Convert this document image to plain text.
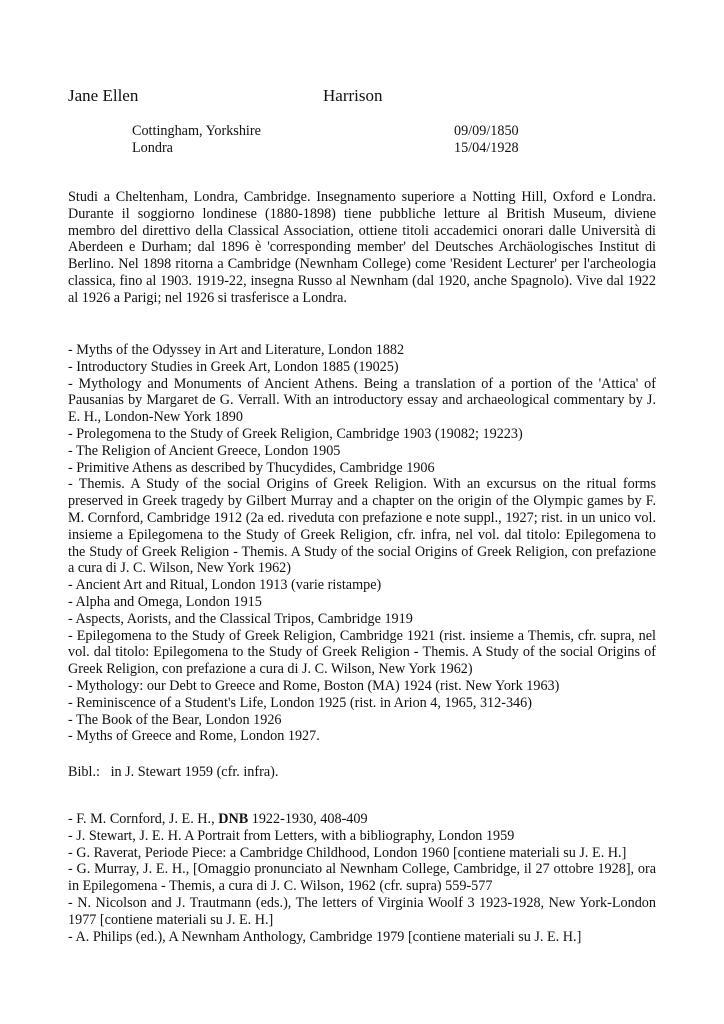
Jane Ellen	Harrison
Cottingham, Yorkshire	09/09/1850
Londra	15/04/1928
Studi a Cheltenham, Londra, Cambridge. Insegnamento superiore a Notting Hill, Oxford e Londra. Durante il soggiorno londinese (1880-1898) tiene pubbliche letture al British Museum, diviene membro del direttivo della Classical Association, ottiene titoli accademici onorari dalle Università di Aberdeen e Durham; dal 1896 è 'corresponding member' del Deutsches Archäologisches Institut di Berlino. Nel 1898 ritorna a Cambridge (Newnham College) come 'Resident Lecturer' per l'archeologia classica, fino al 1903. 1919-22, insegna Russo al Newnham (dal 1920, anche Spagnolo). Vive dal 1922 al 1926 a Parigi; nel 1926 si trasferisce a Londra.
- Myths of the Odyssey in Art and Literature, London 1882
- Introductory Studies in Greek Art, London 1885 (19025)
- Mythology and Monuments of Ancient Athens. Being a translation of a portion of the 'Attica' of Pausanias by Margaret de G. Verrall. With an introductory essay and archaeological commentary by J. E. H., London-New York 1890
- Prolegomena to the Study of Greek Religion, Cambridge 1903 (19082; 19223)
- The Religion of Ancient Greece, London 1905
- Primitive Athens as described by Thucydides, Cambridge 1906
- Themis. A Study of the social Origins of Greek Religion. With an excursus on the ritual forms preserved in Greek tragedy by Gilbert Murray and a chapter on the origin of the Olympic games by F. M. Cornford, Cambridge 1912 (2a ed. riveduta con prefazione e note suppl., 1927; rist. in un unico vol. insieme a Epilegomena to the Study of Greek Religion, cfr. infra, nel vol. dal titolo: Epilegomena to the Study of Greek Religion - Themis. A Study of the social Origins of Greek Religion, con prefazione a cura di J. C. Wilson, New York 1962)
- Ancient Art and Ritual, London 1913 (varie ristampe)
- Alpha and Omega, London 1915
- Aspects, Aorists, and the Classical Tripos, Cambridge 1919
- Epilegomena to the Study of Greek Religion, Cambridge 1921 (rist. insieme a Themis, cfr. supra, nel vol. dal titolo: Epilegomena to the Study of Greek Religion - Themis. A Study of the social Origins of Greek Religion, con prefazione a cura di J. C. Wilson, New York 1962)
- Mythology: our Debt to Greece and Rome, Boston (MA) 1924 (rist. New York 1963)
- Reminiscence of a Student's Life, London 1925 (rist. in Arion 4, 1965, 312-346)
- The Book of the Bear, London 1926
- Myths of Greece and Rome, London 1927.
Bibl.:   in J. Stewart 1959 (cfr. infra).
- F. M. Cornford, J. E. H., DNB 1922-1930, 408-409
- J. Stewart, J. E. H. A Portrait from Letters, with a bibliography, London 1959
- G. Raverat, Periode Piece: a Cambridge Childhood, London 1960 [contiene materiali su J. E. H.]
- G. Murray, J. E. H., [Omaggio pronunciato al Newnham College, Cambridge, il 27 ottobre 1928], ora in Epilegomena - Themis, a cura di J. C. Wilson, 1962 (cfr. supra) 559-577
- N. Nicolson and J. Trautmann (eds.), The letters of Virginia Woolf 3 1923-1928, New York-London 1977 [contiene materiali su J. E. H.]
- A. Philips (ed.), A Newnham Anthology, Cambridge 1979 [contiene materiali su J. E. H.]
